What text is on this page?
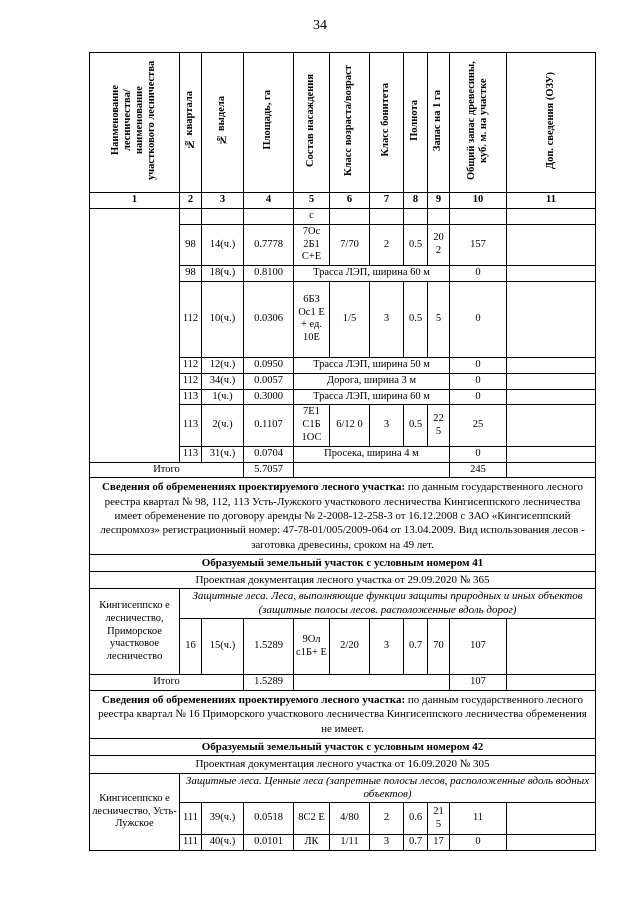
34
Наименование лесничества/ наименование участкового лесничества	№ квартала	№ выдела	Площадь, га	Состав насаждения	Класс возраста/возраст	Класс бонитета	Полнота	Запас на 1 га	Общий запас древесины, куб. м. на участке	Доп. сведения (ОЗУ)
1	2	3	4	5	6	7	8	9	10	11
				с						
	98	14(ч.)	0.7778	7Ос 2Б1 С+Е	7/70	2	0.5	20 2	157	
	98	18(ч.)	0.8100	Трасса ЛЭП, ширина 60 м					0	
	112	10(ч.)	0.0306	6БЗ Ос1 Е + ед. 10Е	1/5	3	0.5	5	0	
	112	12(ч.)	0.0950	Трасса ЛЭП, ширина 50 м					0	
	112	34(ч.)	0.0057	Дорога, ширина 3 м					0	
	113	1(ч.)	0.3000	Трасса ЛЭП, ширина 60 м					0	
	113	2(ч.)	0.1107	7Е1 С1Б 1ОС	6/12 0	3	0.5	22 5	25	
	113	31(ч.)	0.0704	Просека, ширина 4 м					0	
Итого			5.7057						245	
Сведения об обременениях проектируемого лесного участка: по данным государственного лесного реестра квартал № 98, 112, 113 Усть-Лужского участкового лесничества Кингисеппского лесничества имеет обременение по договору аренды № 2-2008-12-258-3 от 16.12.2008 с ЗАО «Кингисеппский леспромхоз» регистрационный номер: 47-78-01/005/2009-064 от 13.04.2009. Вид использования лесов - заготовка древесины, сроком на 49 лет.										
Образуемый земельный участок с условным номером 41										
Проектная документация лесного участка от 29.09.2020 № 365										
Кингисеппско е лесничество, Приморское участковое лесничество	Защитные леса. Леса, выполняющие функции защиты природных и иных объектов (защитные полосы лесов. расположенные вдоль дорог)									
	16	15(ч.)	1.5289	9Ол с1Б+ Е	2/20	3	0.7	70	107	
Итого			1.5289						107	
Сведения об обременениях проектируемого лесного участка: по данным государственного лесного реестра квартал № 16 Приморского участкового лесничества Кингисеппского лесничества обременения не имеет.										
Образуемый земельный участок с условным номером 42										
Проектная документация лесного участка от 16.09.2020 № 305										
Кингисеппско е лесничество, Усть- Лужское	Защитные леса. Ценные леса (запретные полосы лесов, расположенные вдоль водных объектов)									
	111	39(ч.)	0.0518	8С2 Е	4/80	2	0.6	21 5	11	
	111	40(ч.)	0.0101	ЛК	1/11	3	0.7	17	0	
